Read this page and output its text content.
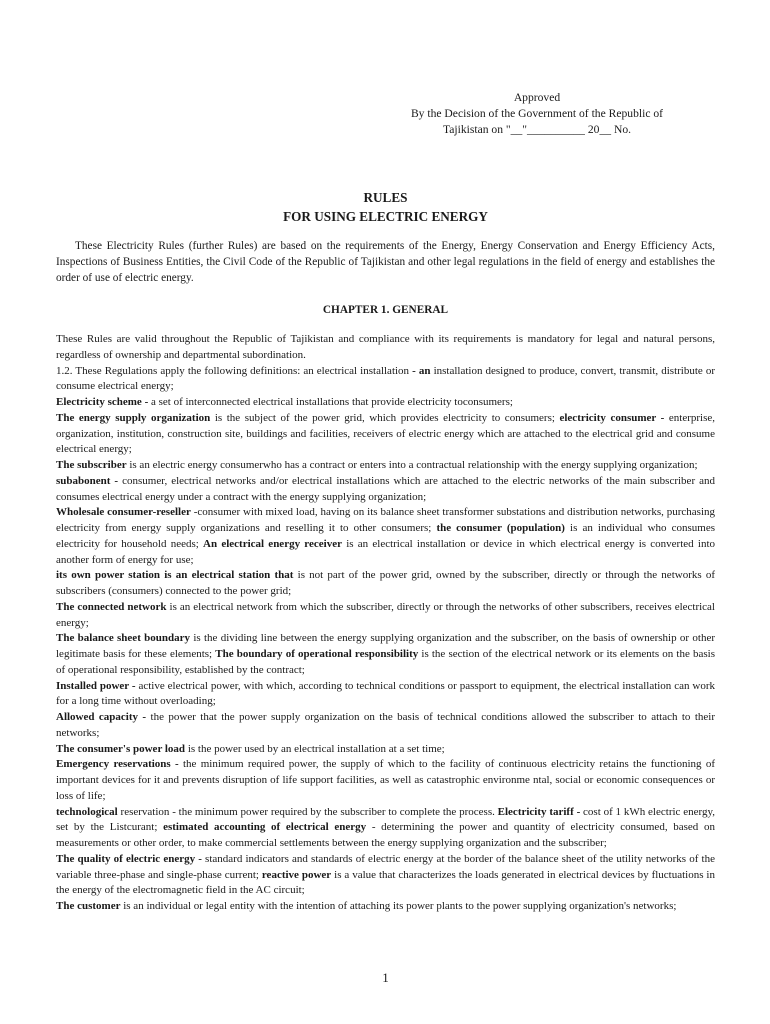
Approved
By the Decision of the Government of the Republic of
Tajikistan on "__"__________ 20__ No.
RULES
FOR USING ELECTRIC ENERGY

These Electricity Rules (further Rules) are based on the requirements of the Energy, Energy Conservation and Energy Efficiency Acts, Inspections of Business Entities, the Civil Code of the Republic of Tajikistan and other legal regulations in the field of energy and establishes the order of use of electric energy.

CHAPTER 1. GENERAL

These Rules are valid throughout the Republic of Tajikistan and compliance with its requirements is mandatory for legal and natural persons, regardless of ownership and departmental subordination.

1.2. These Regulations apply the following definitions: an electrical installation - an installation designed to produce, convert, transmit, distribute or consume electrical energy;

Electricity scheme - a set of interconnected electrical installations that provide electricity toconsumers;

The energy supply organization is the subject of the power grid, which provides electricity to consumers; electricity consumer - enterprise, organization, institution, construction site, buildings and facilities, receivers of electric energy which are attached to the electrical grid and consume electrical energy;

The subscriber is an electric energy consumerwho has a contract or enters into a contractual relationship with the energy supplying organization;

subabonent - consumer, electrical networks and/or electrical installations which are attached to the electric networks of the main subscriber and consumes electrical energy under a contract with the energy supplying organization;

Wholesale consumer-reseller -consumer with mixed load, having on its balance sheet transformer substations and distribution networks, purchasing electricity from energy supply organizations and reselling it to other consumers; the consumer (population) is an individual who consumes electricity for household needs; An electrical energy receiver is an electrical installation or device in which electrical energy is converted into another form of energy for use;

its own power station is an electrical station that is not part of the power grid, owned by the subscriber, directly or through the networks of subscribers (consumers) connected to the power grid;

The connected network is an electrical network from which the subscriber, directly or through the networks of other subscribers, receives electrical energy;

The balance sheet boundary is the dividing line between the energy supplying organization and the subscriber, on the basis of ownership or other legitimate basis for these elements; The boundary of operational responsibility is the section of the electrical network or its elements on the basis of operational responsibility, established by the contract;

Installed power - active electrical power, with which, according to technical conditions or passport to equipment, the electrical installation can work for a long time without overloading;

Allowed capacity - the power that the power supply organization on the basis of technical conditions allowed the subscriber to attach to their networks;

The consumer's power load is the power used by an electrical installation at a set time;

Emergency reservations - the minimum required power, the supply of which to the facility of continuous electricity retains the functioning of important devices for it and prevents disruption of life support facilities, as well as catastrophic environme ntal, social or economic consequences or loss of life;

technological reservation - the minimum power required by the subscriber to complete the process. Electricity tariff - cost of 1 kWh electric energy, set by the Listcurant; estimated accounting of electrical energy - determining the power and quantity of electricity consumed, based on measurements or other order, to make commercial settlements between the energy supplying organization and the subscriber;

The quality of electric energy - standard indicators and standards of electric energy at the border of the balance sheet of the utility networks of the variable three-phase and single-phase current; reactive power is a value that characterizes the loads generated in electrical devices by fluctuations in the energy of the electromagnetic field in the AC circuit;

The customer is an individual or legal entity with the intention of attaching its power plants to the power supplying organization's networks;

1
